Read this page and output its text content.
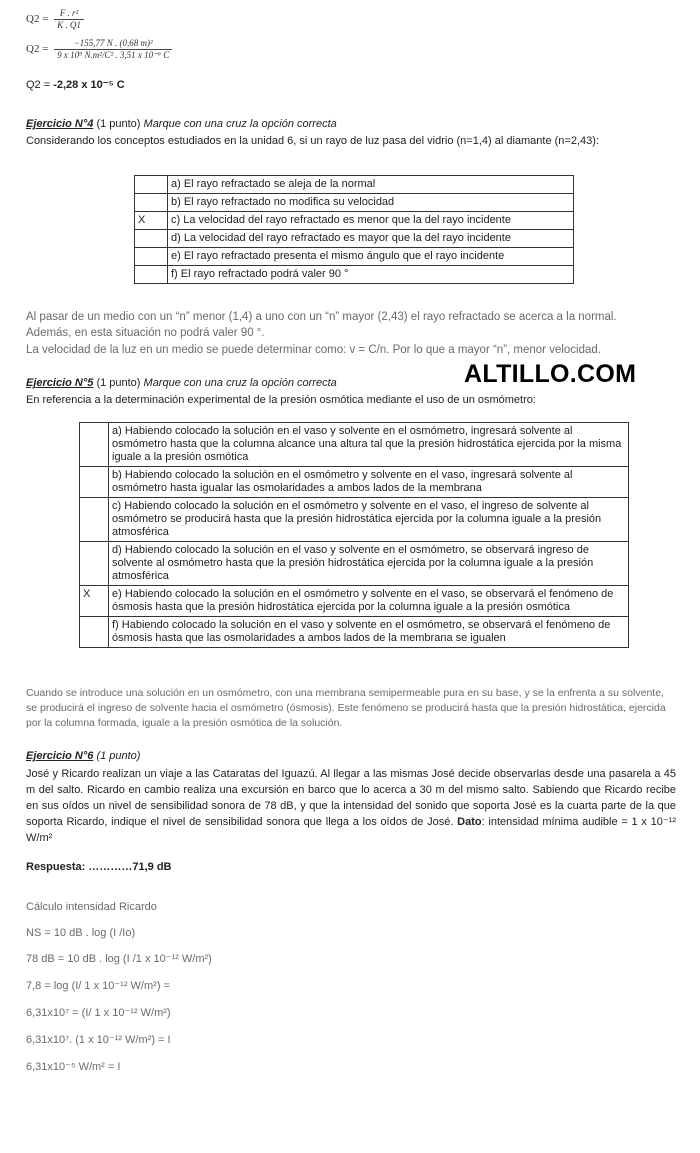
$Q2 = \frac{\text{F . r²}}{K . Q1}$
$Q2 = \frac{\text{−155,77 N . (0,68 m)²}}{\text{9 x 10⁹ N.m²/C² . 3,51 x 10⁻⁶ C}}$
Q2 = -2,28 x 10⁻⁵ C
Ejercicio N°4 (1 punto) Marque con una cruz la opción correcta
Considerando los conceptos estudiados en la unidad 6, si un rayo de luz pasa del vidrio (n=1,4) al diamante (n=2,43):
	a) El rayo refractado se aleja de la normal
	b) El rayo refractado no modifica su velocidad
X	c) La velocidad del rayo refractado es menor que la del rayo incidente
	d) La velocidad del rayo refractado es mayor que la del rayo incidente
	e) El rayo refractado presenta el mismo ángulo que el rayo incidente
	f) El rayo refractado podrá valer 90 °
Al pasar de un medio con un “n” menor (1,4) a uno con un “n” mayor (2,43) el rayo refractado se acerca a la normal.
Además, en esta situación no podrá valer 90 °.
La velocidad de la luz en un medio se puede determinar como: v = C/n. Por lo que a mayor “n”, menor velocidad.
ALTILLO.COM
Ejercicio N°5 (1 punto) Marque con una cruz la opción correcta
En referencia a la determinación experimental de la presión osmótica mediante el uso de un osmómetro:
	a) Habiendo colocado la solución en el vaso y solvente en el osmómetro, ingresará solvente al osmómetro hasta que la columna alcance una altura tal que la presión hidrostática ejercida por la misma iguale a la presión osmótica
	b) Habiendo colocado la solución en el osmómetro y solvente en el vaso, ingresará solvente al osmómetro hasta igualar las osmolaridades a ambos lados de la membrana
	c) Habiendo colocado la solución en el osmómetro y solvente en el vaso, el ingreso de solvente al osmómetro se producirá hasta que la presión hidrostática ejercida por la columna iguale a la presión atmosférica
	d) Habiendo colocado la solución en el vaso y solvente en el osmómetro, se observará ingreso de solvente al osmómetro hasta que la presión hidrostática ejercida por la columna iguale a la presión atmosférica
X	e) Habiendo colocado la solución en el osmómetro y solvente en el vaso, se observará el fenómeno de ósmosis hasta que la presión hidrostática ejercida por la columna iguale a la presión osmótica
	f) Habiendo colocado la solución en el vaso y solvente en el osmómetro, se observará el fenómeno de ósmosis hasta que las osmolaridades a ambos lados de la membrana se igualen
Cuando se introduce una solución en un osmómetro, con una membrana semipermeable pura en su base, y se la enfrenta a su solvente, se producirá el ingreso de solvente hacia el osmómetro (ósmosis). Este fenómeno se producirá hasta que la presión hidrostática, ejercida por la columna formada, iguale a la presión osmótica de la solución.
Ejercicio N°6 (1 punto)
José y Ricardo realizan un viaje a las Cataratas del Iguazú. Al llegar a las mismas José decide observarlas desde una pasarela a 45 m del salto. Ricardo en cambio realiza una excursión en barco que lo acerca a 30 m del mismo salto. Sabiendo que Ricardo recibe en sus oídos un nivel de sensibilidad sonora de 78 dB, y que la intensidad del sonido que soporta José es la cuarta parte de la que soporta Ricardo, indique el nivel de sensibilidad sonora que llega a los oídos de José. Dato: intensidad mínima audible = 1 x 10⁻¹² W/m²
Respuesta: …………71,9 dB
Cálculo intensidad Ricardo
NS = 10 dB . log (I /Io)
78 dB = 10 dB . log (I /1 x 10⁻¹² W/m²)
7,8 = log (I/ 1 x 10⁻¹² W/m²) =
6,31x10⁷ = (I/ 1 x 10⁻¹² W/m²)
6,31x10⁷. (1 x 10⁻¹² W/m²) = I
6,31x10⁻⁵ W/m² = I
